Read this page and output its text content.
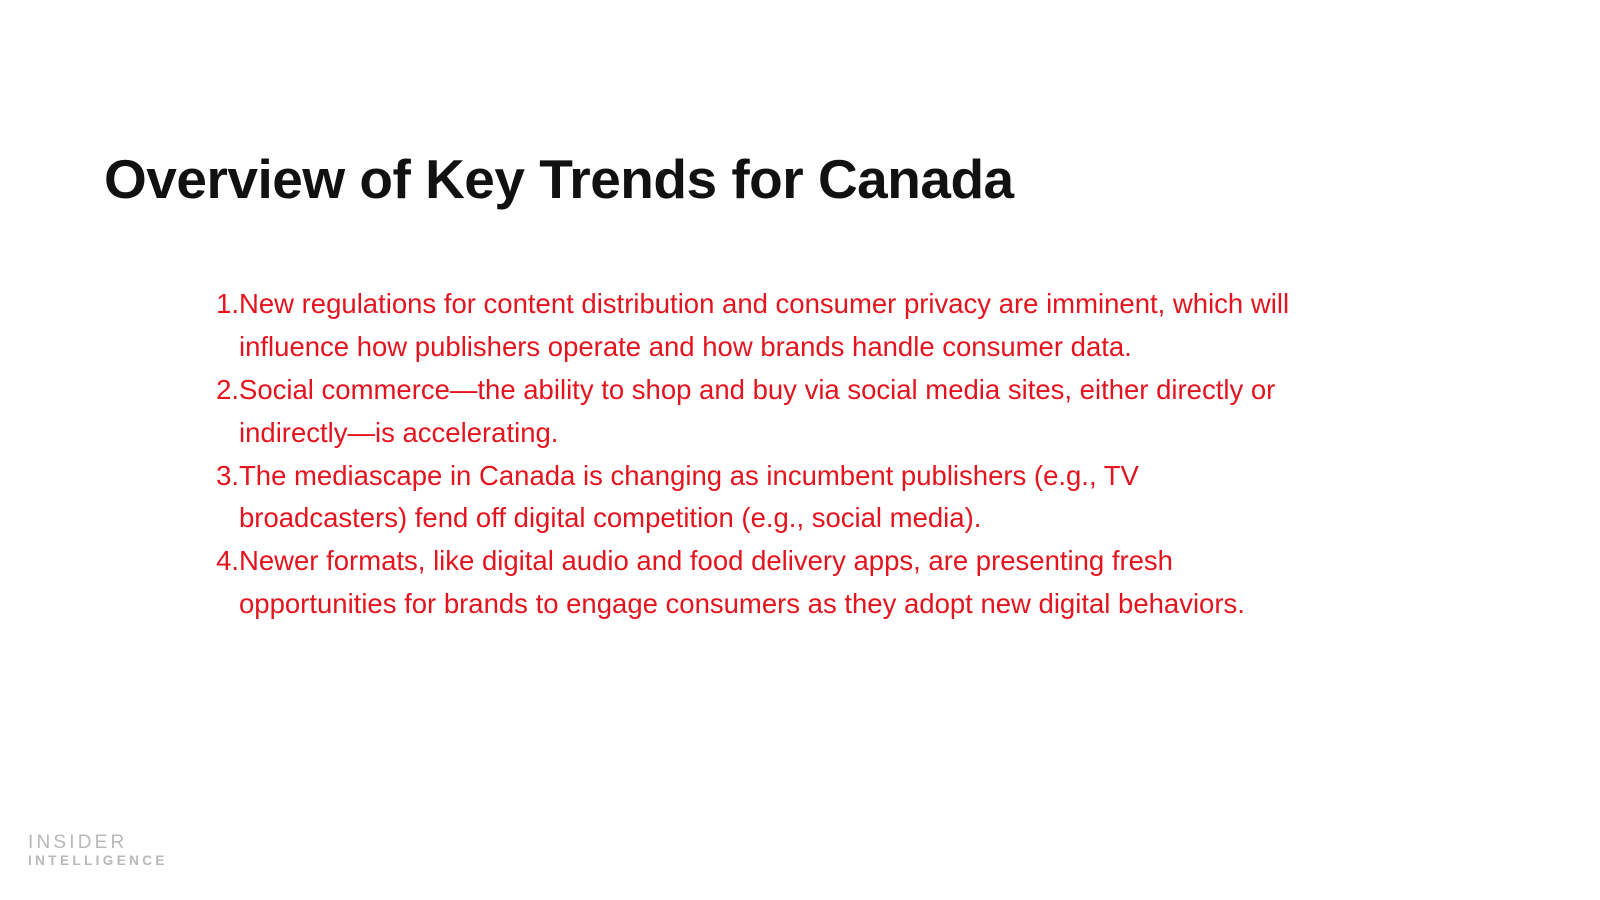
Overview of Key Trends for Canada
1. New regulations for content distribution and consumer privacy are imminent, which will influence how publishers operate and how brands handle consumer data.
2. Social commerce—the ability to shop and buy via social media sites, either directly or indirectly—is accelerating.
3. The mediascape in Canada is changing as incumbent publishers (e.g., TV broadcasters) fend off digital competition (e.g., social media).
4. Newer formats, like digital audio and food delivery apps, are presenting fresh opportunities for brands to engage consumers as they adopt new digital behaviors.
INSIDER
INTELLIGENCE
